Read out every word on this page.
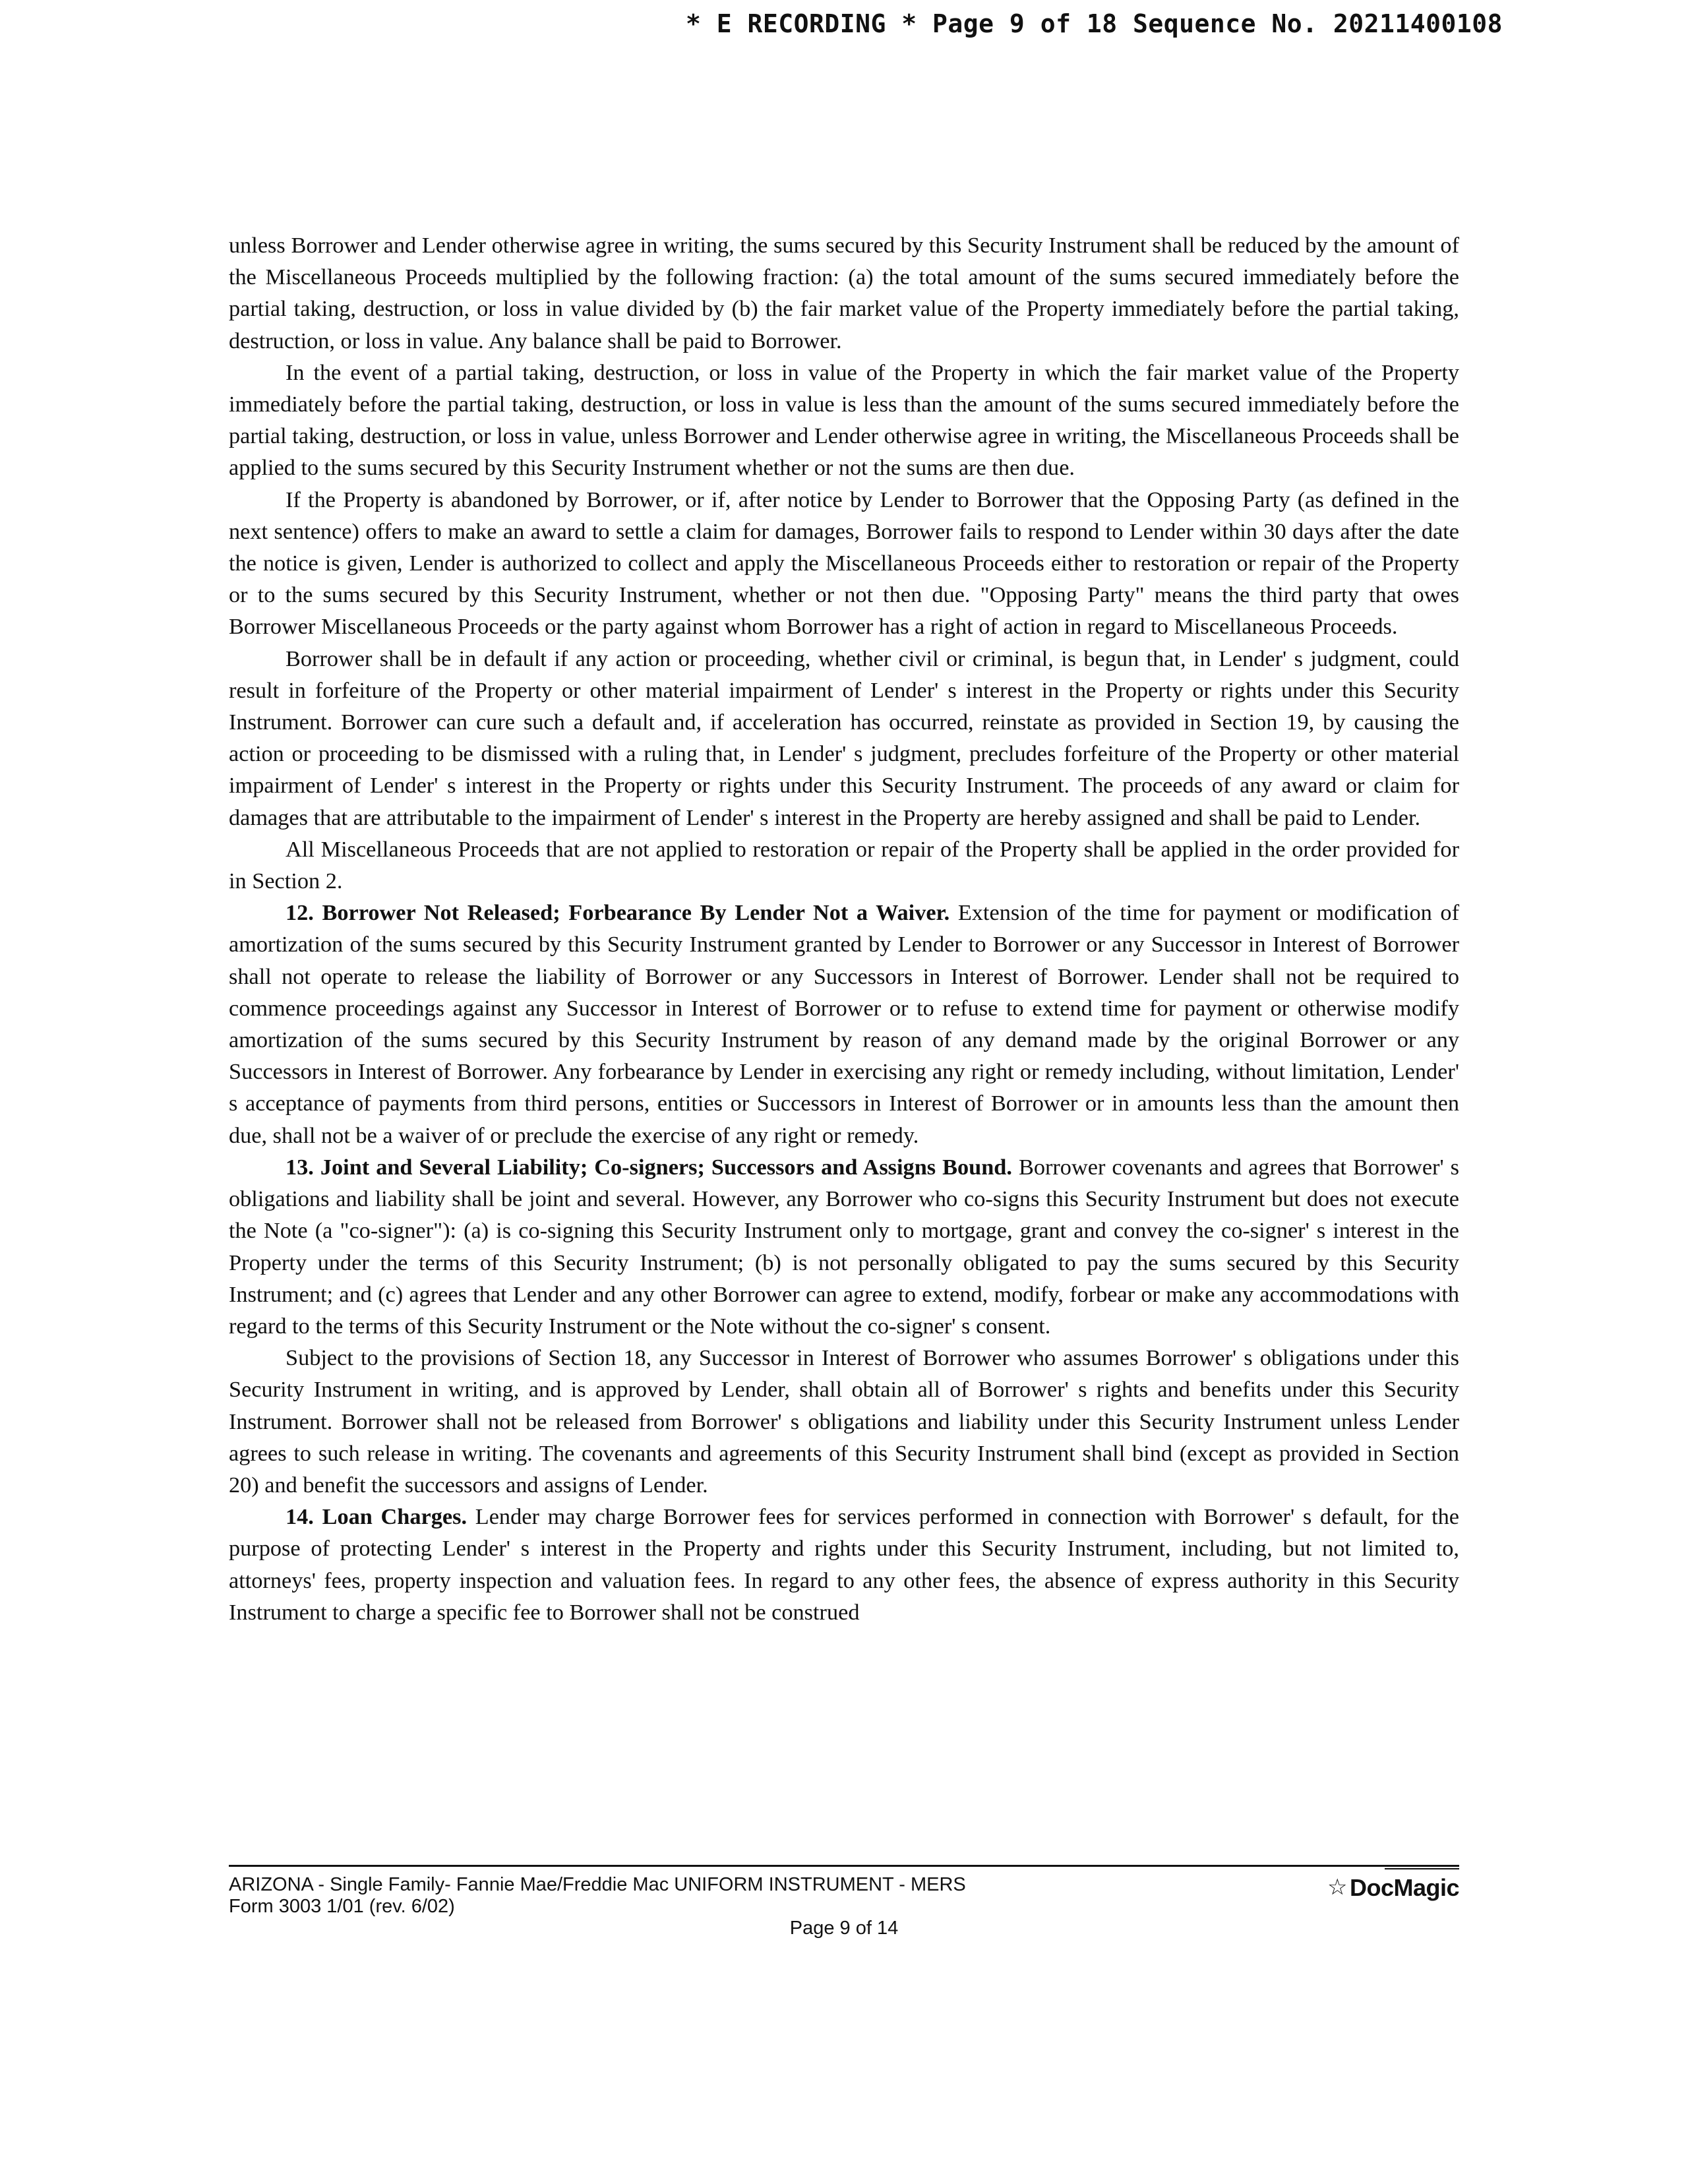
* E RECORDING * Page 9 of 18 Sequence No. 20211400108

unless Borrower and Lender otherwise agree in writing, the sums secured by this Security Instrument shall be reduced by the amount of the Miscellaneous Proceeds multiplied by the following fraction: (a) the total amount of the sums secured immediately before the partial taking, destruction, or loss in value divided by (b) the fair market value of the Property immediately before the partial taking, destruction, or loss in value. Any balance shall be paid to Borrower.

In the event of a partial taking, destruction, or loss in value of the Property in which the fair market value of the Property immediately before the partial taking, destruction, or loss in value is less than the amount of the sums secured immediately before the partial taking, destruction, or loss in value, unless Borrower and Lender otherwise agree in writing, the Miscellaneous Proceeds shall be applied to the sums secured by this Security Instrument whether or not the sums are then due.

If the Property is abandoned by Borrower, or if, after notice by Lender to Borrower that the Opposing Party (as defined in the next sentence) offers to make an award to settle a claim for damages, Borrower fails to respond to Lender within 30 days after the date the notice is given, Lender is authorized to collect and apply the Miscellaneous Proceeds either to restoration or repair of the Property or to the sums secured by this Security Instrument, whether or not then due. "Opposing Party" means the third party that owes Borrower Miscellaneous Proceeds or the party against whom Borrower has a right of action in regard to Miscellaneous Proceeds.

Borrower shall be in default if any action or proceeding, whether civil or criminal, is begun that, in Lender' s judgment, could result in forfeiture of the Property or other material impairment of Lender' s interest in the Property or rights under this Security Instrument. Borrower can cure such a default and, if acceleration has occurred, reinstate as provided in Section 19, by causing the action or proceeding to be dismissed with a ruling that, in Lender' s judgment, precludes forfeiture of the Property or other material impairment of Lender' s interest in the Property or rights under this Security Instrument. The proceeds of any award or claim for damages that are attributable to the impairment of Lender' s interest in the Property are hereby assigned and shall be paid to Lender.

All Miscellaneous Proceeds that are not applied to restoration or repair of the Property shall be applied in the order provided for in Section 2.

12. Borrower Not Released; Forbearance By Lender Not a Waiver. Extension of the time for payment or modification of amortization of the sums secured by this Security Instrument granted by Lender to Borrower or any Successor in Interest of Borrower shall not operate to release the liability of Borrower or any Successors in Interest of Borrower. Lender shall not be required to commence proceedings against any Successor in Interest of Borrower or to refuse to extend time for payment or otherwise modify amortization of the sums secured by this Security Instrument by reason of any demand made by the original Borrower or any Successors in Interest of Borrower. Any forbearance by Lender in exercising any right or remedy including, without limitation, Lender' s acceptance of payments from third persons, entities or Successors in Interest of Borrower or in amounts less than the amount then due, shall not be a waiver of or preclude the exercise of any right or remedy.

13. Joint and Several Liability; Co-signers; Successors and Assigns Bound. Borrower covenants and agrees that Borrower' s obligations and liability shall be joint and several. However, any Borrower who co-signs this Security Instrument but does not execute the Note (a "co-signer"): (a) is co-signing this Security Instrument only to mortgage, grant and convey the co-signer' s interest in the Property under the terms of this Security Instrument; (b) is not personally obligated to pay the sums secured by this Security Instrument; and (c) agrees that Lender and any other Borrower can agree to extend, modify, forbear or make any accommodations with regard to the terms of this Security Instrument or the Note without the co-signer' s consent.

Subject to the provisions of Section 18, any Successor in Interest of Borrower who assumes Borrower' s obligations under this Security Instrument in writing, and is approved by Lender, shall obtain all of Borrower' s rights and benefits under this Security Instrument. Borrower shall not be released from Borrower' s obligations and liability under this Security Instrument unless Lender agrees to such release in writing. The covenants and agreements of this Security Instrument shall bind (except as provided in Section 20) and benefit the successors and assigns of Lender.

14. Loan Charges. Lender may charge Borrower fees for services performed in connection with Borrower' s default, for the purpose of protecting Lender' s interest in the Property and rights under this Security Instrument, including, but not limited to, attorneys' fees, property inspection and valuation fees. In regard to any other fees, the absence of express authority in this Security Instrument to charge a specific fee to Borrower shall not be construed

ARIZONA - Single Family- Fannie Mae/Freddie Mac UNIFORM INSTRUMENT - MERS
Form 3003 1/01 (rev. 6/02)
Page 9 of 14
☆ DocMagic
